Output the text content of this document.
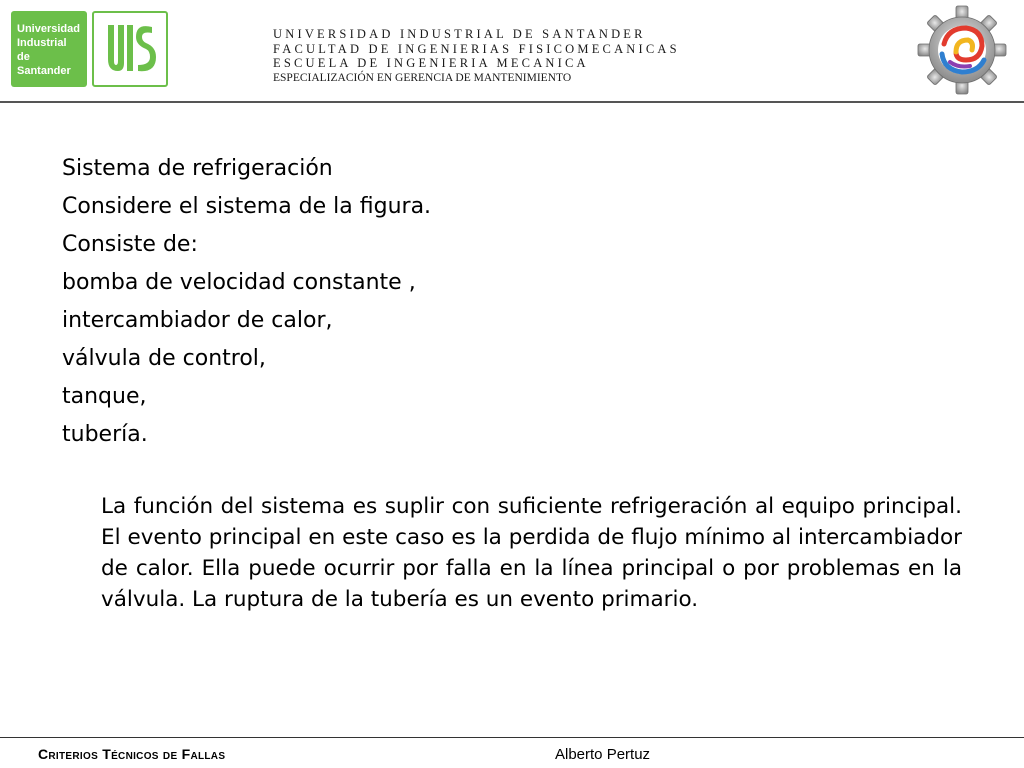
Universidad
Industrial de
Santander
UNIVERSIDAD INDUSTRIAL DE SANTANDER
FACULTAD DE INGENIERIAS FISICOMECANICAS
ESCUELA DE INGENIERIA MECANICA
ESPECIALIZACIÓN EN GERENCIA DE MANTENIMIENTO
Sistema de refrigeración
Considere el sistema de la figura.
Consiste de:
bomba de velocidad constante ,
intercambiador de calor,
válvula de control,
tanque,
tubería.
La función del sistema es suplir con suficiente refrigeración al equipo principal. El evento principal en este caso es la perdida de flujo mínimo al intercambiador de calor. Ella puede ocurrir por falla en la línea principal o por problemas en la válvula. La ruptura de la tubería es un evento primario.
Criterios Técnicos de Fallas	Alberto Pertuz
